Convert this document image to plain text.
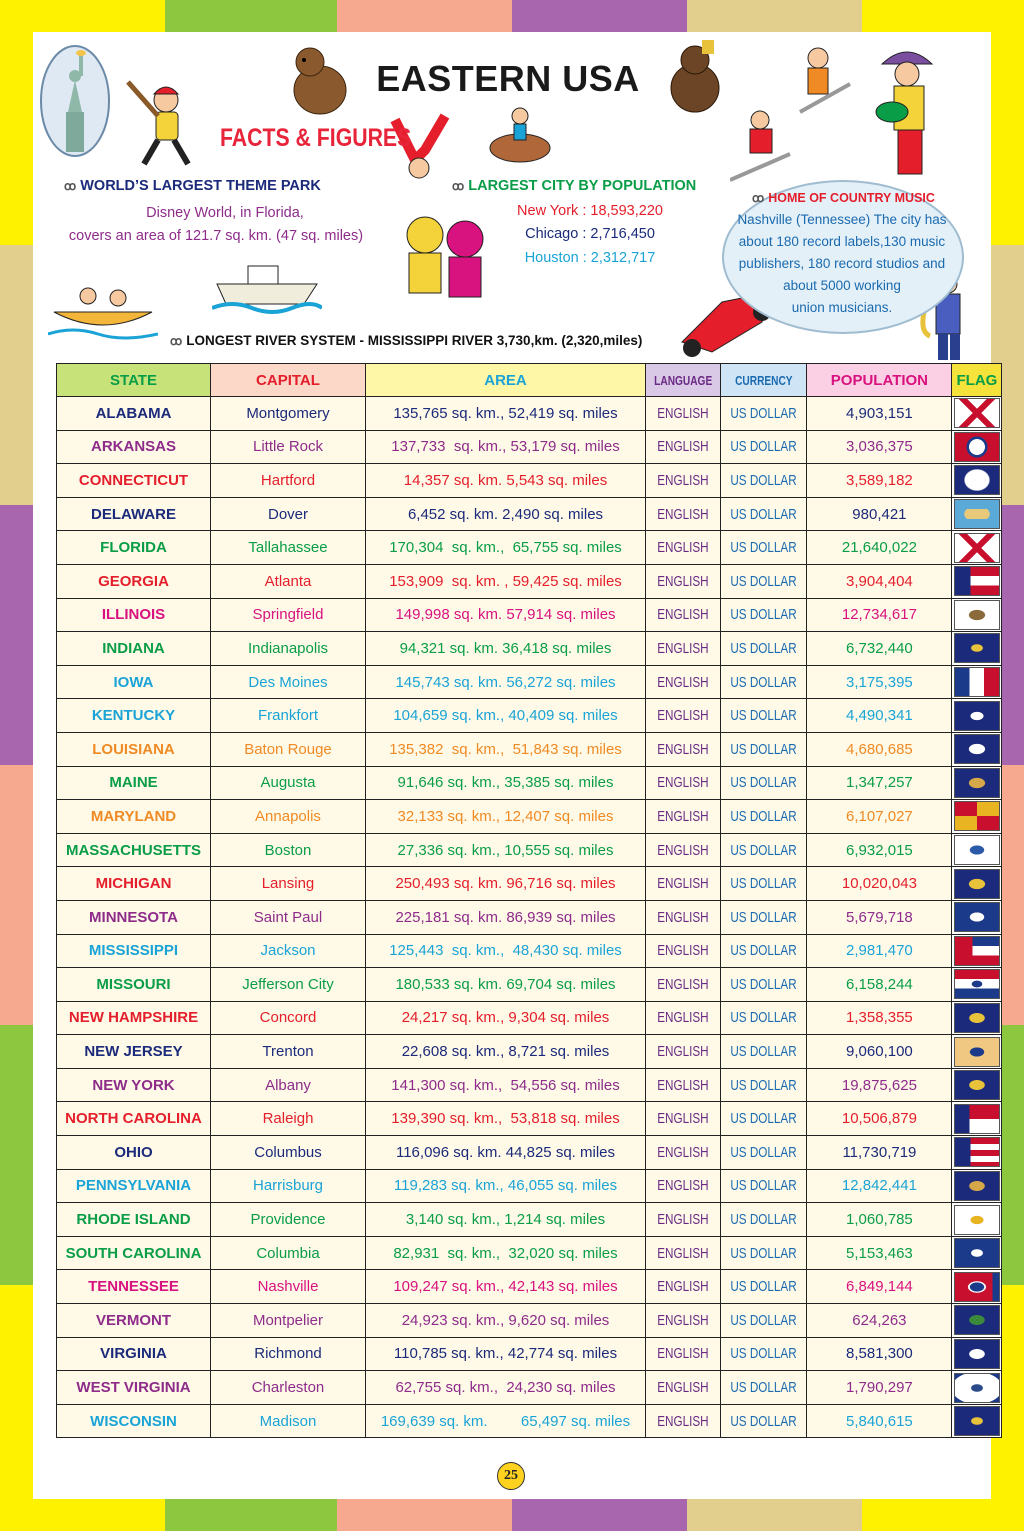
EASTERN USA
FACTS & FIGURES
ꝏ WORLD’S LARGEST THEME PARK
Disney World, in Florida,
covers an area of 121.7 sq. km. (47 sq. miles)
ꝏ LARGEST CITY BY POPULATION
New York : 18,593,220
Chicago : 2,716,450
Houston : 2,312,717
ꝏ HOME OF COUNTRY MUSIC
Nashville (Tennessee) The city has
about 180 record labels,130 music
publishers, 180 record studios and
about 5000 working
union musicians.
ꝏ LONGEST RIVER SYSTEM - MISSISSIPPI RIVER 3,730,km. (2,320,miles)
STATE	CAPITAL	AREA	LANGUAGE	CURRENCY	POPULATION	FLAG
ALABAMA	Montgomery	135,765 sq. km., 52,419 sq. miles	ENGLISH	US DOLLAR	4,903,151	

ARKANSAS	Little Rock	137,733  sq. km., 53,179 sq. miles	ENGLISH	US DOLLAR	3,036,375	

CONNECTICUT	Hartford	14,357 sq. km. 5,543 sq. miles	ENGLISH	US DOLLAR	3,589,182	

DELAWARE	Dover	6,452 sq. km. 2,490 sq. miles	ENGLISH	US DOLLAR	980,421	

FLORIDA	Tallahassee	170,304  sq. km.,  65,755 sq. miles	ENGLISH	US DOLLAR	21,640,022	

GEORGIA	Atlanta	153,909  sq. km. , 59,425 sq. miles	ENGLISH	US DOLLAR	3,904,404	

ILLINOIS	Springfield	149,998 sq. km. 57,914 sq. miles	ENGLISH	US DOLLAR	12,734,617	

INDIANA	Indianapolis	94,321 sq. km. 36,418 sq. miles	ENGLISH	US DOLLAR	6,732,440	

IOWA	Des Moines	145,743 sq. km. 56,272 sq. miles	ENGLISH	US DOLLAR	3,175,395	

KENTUCKY	Frankfort	104,659 sq. km., 40,409 sq. miles	ENGLISH	US DOLLAR	4,490,341	

LOUISIANA	Baton Rouge	135,382  sq. km.,  51,843 sq. miles	ENGLISH	US DOLLAR	4,680,685	

MAINE	Augusta	91,646 sq. km., 35,385 sq. miles	ENGLISH	US DOLLAR	1,347,257	

MARYLAND	Annapolis	32,133 sq. km., 12,407 sq. miles	ENGLISH	US DOLLAR	6,107,027	

MASSACHUSETTS	Boston	27,336 sq. km., 10,555 sq. miles	ENGLISH	US DOLLAR	6,932,015	

MICHIGAN	Lansing	250,493 sq. km. 96,716 sq. miles	ENGLISH	US DOLLAR	10,020,043	

MINNESOTA	Saint Paul	225,181 sq. km. 86,939 sq. miles	ENGLISH	US DOLLAR	5,679,718	

MISSISSIPPI	Jackson	125,443  sq. km.,  48,430 sq. miles	ENGLISH	US DOLLAR	2,981,470	

MISSOURI	Jefferson City	180,533 sq. km. 69,704 sq. miles	ENGLISH	US DOLLAR	6,158,244	

NEW HAMPSHIRE	Concord	24,217 sq. km., 9,304 sq. miles	ENGLISH	US DOLLAR	1,358,355	

NEW JERSEY	Trenton	22,608 sq. km., 8,721 sq. miles	ENGLISH	US DOLLAR	9,060,100	

NEW YORK	Albany	141,300 sq. km.,  54,556 sq. miles	ENGLISH	US DOLLAR	19,875,625	

NORTH CAROLINA	Raleigh	139,390 sq. km.,  53,818 sq. miles	ENGLISH	US DOLLAR	10,506,879	

OHIO	Columbus	116,096 sq. km. 44,825 sq. miles	ENGLISH	US DOLLAR	11,730,719	

PENNSYLVANIA	Harrisburg	119,283 sq. km., 46,055 sq. miles	ENGLISH	US DOLLAR	12,842,441	

RHODE ISLAND	Providence	3,140 sq. km., 1,214 sq. miles	ENGLISH	US DOLLAR	1,060,785	

SOUTH CAROLINA	Columbia	82,931  sq. km.,  32,020 sq. miles	ENGLISH	US DOLLAR	5,153,463	

TENNESSEE	Nashville	109,247 sq. km., 42,143 sq. miles	ENGLISH	US DOLLAR	6,849,144	

VERMONT	Montpelier	24,923 sq. km., 9,620 sq. miles	ENGLISH	US DOLLAR	624,263	

VIRGINIA	Richmond	110,785 sq. km., 42,774 sq. miles	ENGLISH	US DOLLAR	8,581,300	

WEST VIRGINIA	Charleston	62,755 sq. km.,  24,230 sq. miles	ENGLISH	US DOLLAR	1,790,297	

WISCONSIN	Madison	169,639 sq. km.        65,497 sq. miles	ENGLISH	US DOLLAR	5,840,615	
25
